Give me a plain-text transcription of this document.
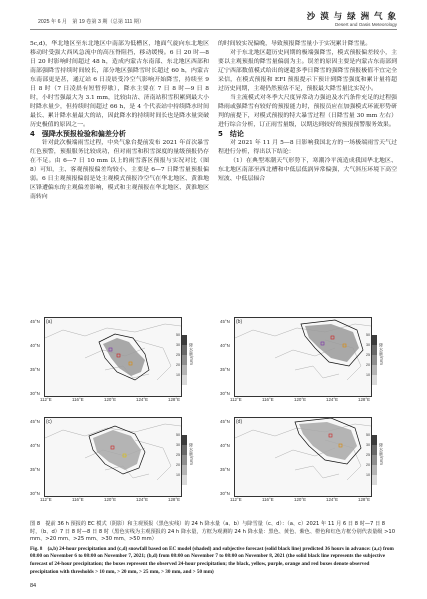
2025 年 6 月　第 19 卷第 3 期（总第 111 期）	沙 漠 与 绿 洲 气 象
Desert and Oasis Meteorology

5c,d)，华北地区至东北地区中南部为低槽区，地面气旋向东北地区移动时受强大西风急流中的高压脊阻挡，移动缓慢。6 日 20 时—8 日 20 时影响时间超过 48 h，造成内蒙古东南部、东北地区西部和南部强降雪持续时间较长，部分地区强降雪时长超过 60 h，内蒙古东南部更是甚，通辽站 6 日凌晨受冷空气影响开始降雪，持续至 9 日 8 时（7 日凌晨有短暂停歇），降水主要在 7 日 8 时—9 日 8 时，小时雪强最大为 3.1 mm，比较由沽、济南站积雪积累到最大小时降水量少，但持续时间超过 66 h，是 4 个代表站中持续降水时间最长、累计降水量最大的站，因此降水的持续时间长也是降水量突破历史极值的原因之一。

4　强降水预报检验和偏差分析

针对此次极端雨雪过程，中央气象台提前发布 2021 年首次暴雪红色预警，预报服务比较成功，但对雨雪和积雪深度的量级预报仍存在不足。由 6—7 日 10 mm 以上的雨雪落区预报与实况对比（图 8）可知，主、客观预报偏差均较小，主要是 6—7 日降雪量预报偏弱。6 日主观预报偏弱是处主观模式预报冷空气在华北地区、黄淮地区锋遭偏东的主观偏差影响，模式和主观预报在华北地区、黄淮地区南转向

的时间较实况偏晚，导致预报降雪量小于实况累计降雪量。

对于东北地区超历史同期的极端强降雪，模式预报偏差较小，主要以主观预报的降雪量偏弱为主。误差的原因主要是内蒙古东南部到辽宁西部数值模式给出的逐超多季日降雪的强降雪预报极值不宜完全采信，在模式预报和 EFI 预报提示下预计到降雪强度和累计量将超过历史同期，主观仍然预估不足，预报最大降雪量比实况小。

当主流模式对冬季大尺度异常动力强迫及水汽条件充足的过程强降雨或强降雪有较好的预报能力时，预报员应在加强模式环流形势研判的前提下，对模式预报的特大暴雪过程（日降雪量 30 mm 左右）进行综合分析，订正雨雪量级，以期达到较好的预报预警服务效果。

5　结论

对 2021 年 11 月 5—8 日影响我国北方的一场极端雨雪天气过程进行分析，得出以下结论：

（1）在典型寒潮天气形势下，寒潮冷平流造成我国华北地区、东北地区南部至西北槽和中低层低涡异常偏强，大气斜压环境下高空短波、中低层辐合

降水量/mm
(a)
45°N
40°N
35°N
30°N
112°E	116°E	120°E	124°E	128°E
50
30
25
20
10
降水量/mm
(b)
45°N
40°N
35°N
30°N
112°E	116°E	120°E	124°E	128°E
50
30
25
20
10
降水量/mm
(c)
45°N
40°N
35°N
30°N
112°E	116°E	120°E	124°E	128°E
50
30
25
20
10
降水量/mm
(d)
45°N
40°N
35°N
30°N
112°E	116°E	120°E	124°E	128°E
50
30
25
20
10
图 8　提前 36 h 预报的 EC 模式（阴影）和主观预报（黑色实线）的 24 h 降水量（a、b）与降雪量（c、d）：（a、c）2021 年 11 月 6 日 8 时—7 日 8 时，（b、d）7 日 8 时—8 日 8 时（黑色实线为主观预报的 24 h 降水量，方框为观测的 24 h 降水量：黑色、黄色、紫色、橙色和红色方框分别代表量级 >10 mm、>20 mm、>25 mm、>30 mm、>50 mm）
Fig. 8　(a,b) 24-hour precipitation and (c,d) snowfall based on EC model (shaded) and subjective forecast (solid black line) predicted 36 hours in advance: (a,c) from 08:00 on November 6 to 08:00 on November 7, 2021; (b,d) from 08:00 on November 7 to 08:00 on November 8, 2021 (the solid black line represents the subjective forecast of 24-hour precipitation; the boxes represent the observed 24-hour precipitation; the black, yellow, purple, orange and red boxes denote observed precipitation with thresholds > 10 mm, > 20 mm, > 25 mm, > 30 mm, and > 50 mm)
84
